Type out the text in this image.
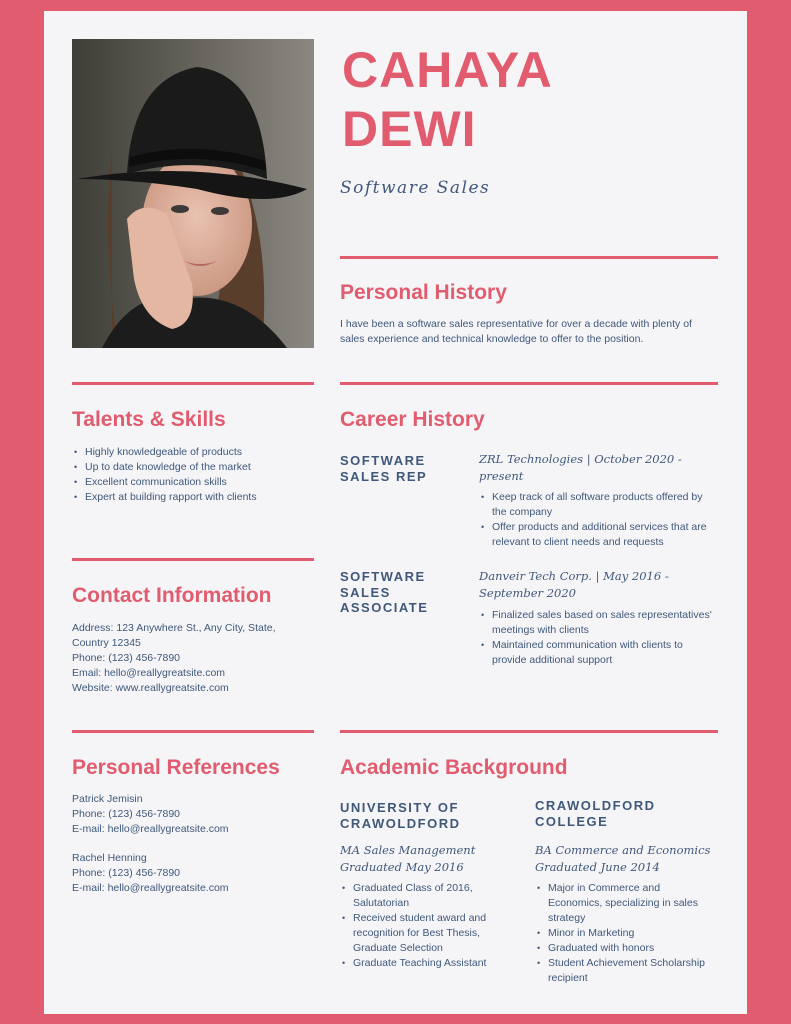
CAHAYA
DEWI
Software Sales
Personal History

I have been a software sales representative for over a decade with plenty of sales experience and technical knowledge to offer to the position.

Talents & Skills
• Highly knowledgeable of products
• Up to date knowledge of the market
• Excellent communication skills
• Expert at building rapport with clients
Career History
SOFTWARE SALES REP
ZRL Technologies | October 2020 - present
• Keep track of all software products offered by the company
• Offer products and additional services that are relevant to client needs and requests
SOFTWARE SALES ASSOCIATE
Danveir Tech Corp. | May 2016 - September 2020
• Finalized sales based on sales representatives' meetings with clients
• Maintained communication with clients to provide additional support
Contact Information
Address: 123 Anywhere St., Any City, State, Country 12345
Phone: (123) 456-7890
Email: hello@reallygreatsite.com
Website: www.reallygreatsite.com
Personal References
Patrick Jemisin
Phone: (123) 456-7890
E-mail: hello@reallygreatsite.com
Rachel Henning
Phone: (123) 456-7890
E-mail: hello@reallygreatsite.com
Academic Background
UNIVERSITY OF CRAWOLDFORD
MA Sales Management
Graduated May 2016
• Graduated Class of 2016, Salutatorian
• Received student award and recognition for Best Thesis, Graduate Selection
• Graduate Teaching Assistant
CRAWOLDFORD COLLEGE
BA Commerce and Economics
Graduated June 2014
• Major in Commerce and Economics, specializing in sales strategy
• Minor in Marketing
• Graduated with honors
• Student Achievement Scholarship recipient
